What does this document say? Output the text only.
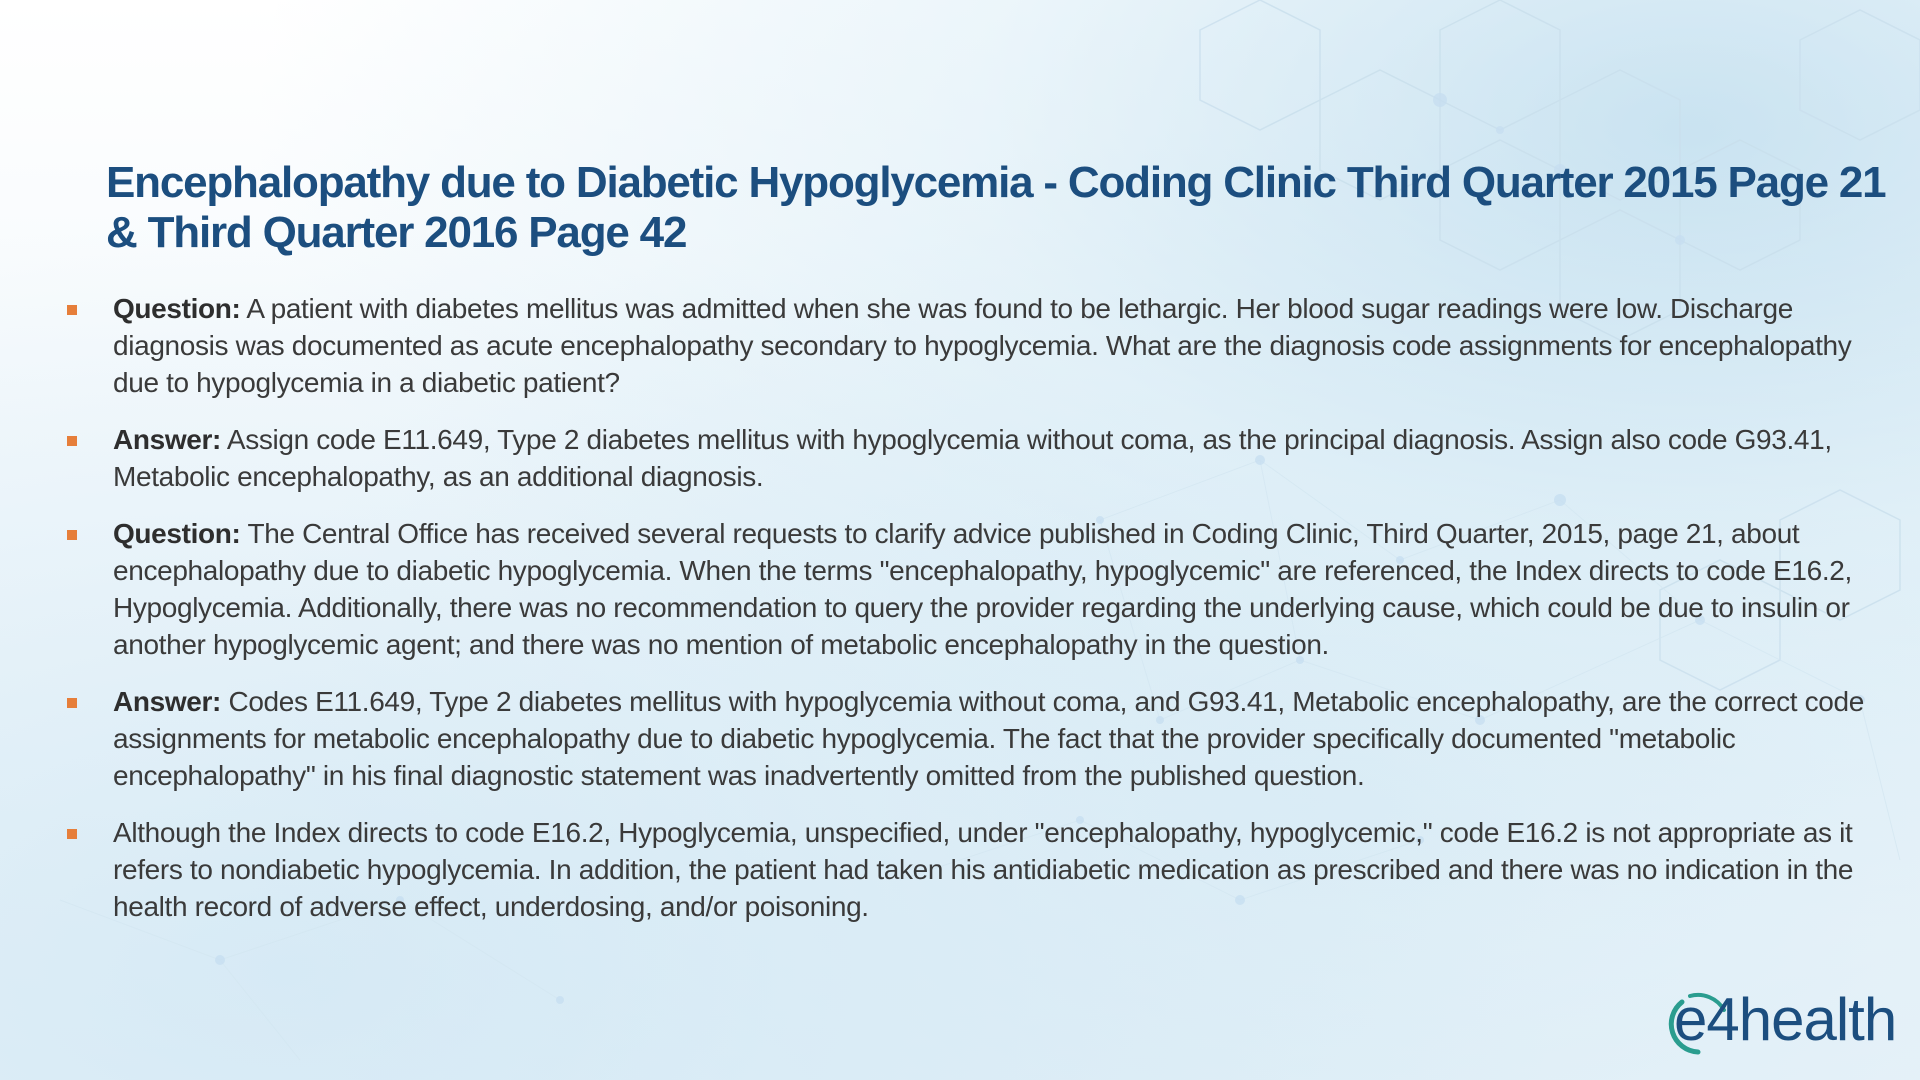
Encephalopathy due to Diabetic Hypoglycemia - Coding Clinic Third Quarter 2015 Page 21 & Third Quarter 2016 Page 42
Question: A patient with diabetes mellitus was admitted when she was found to be lethargic. Her blood sugar readings were low. Discharge diagnosis was documented as acute encephalopathy secondary to hypoglycemia. What are the diagnosis code assignments for encephalopathy due to hypoglycemia in a diabetic patient?
Answer: Assign code E11.649, Type 2 diabetes mellitus with hypoglycemia without coma, as the principal diagnosis. Assign also code G93.41, Metabolic encephalopathy, as an additional diagnosis.
Question: The Central Office has received several requests to clarify advice published in Coding Clinic, Third Quarter, 2015, page 21, about encephalopathy due to diabetic hypoglycemia. When the terms "encephalopathy, hypoglycemic" are referenced, the Index directs to code E16.2, Hypoglycemia. Additionally, there was no recommendation to query the provider regarding the underlying cause, which could be due to insulin or another hypoglycemic agent; and there was no mention of metabolic encephalopathy in the question.
Answer: Codes E11.649, Type 2 diabetes mellitus with hypoglycemia without coma, and G93.41, Metabolic encephalopathy, are the correct code assignments for metabolic encephalopathy due to diabetic hypoglycemia. The fact that the provider specifically documented "metabolic encephalopathy" in his final diagnostic statement was inadvertently omitted from the published question.
Although the Index directs to code E16.2, Hypoglycemia, unspecified, under "encephalopathy, hypoglycemic," code E16.2 is not appropriate as it refers to nondiabetic hypoglycemia. In addition, the patient had taken his antidiabetic medication as prescribed and there was no indication in the health record of adverse effect, underdosing, and/or poisoning.
e4health
